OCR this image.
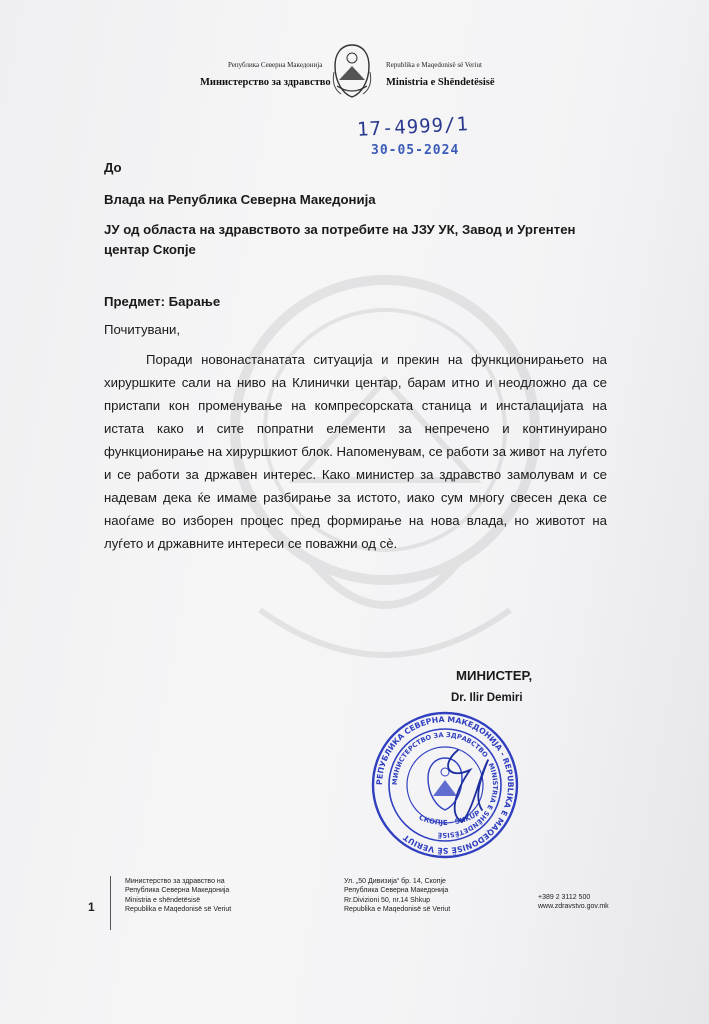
Република Северна Македонија
Министерство за здравство
Republika e Maqedonisë së Veriut
Ministria e Shëndetësisë
17-4999/1
30-05-2024
До
Влада на Република Северна Македонија
ЈУ од областа на здравството за потребите на ЈЗУ УК, Завод и Ургентен
центар Скопје
Предмет: Барање
Почитувани,

Поради новонастанатата ситуација и прекин на функционирањето на хируршките сали на ниво на Клинички центар, барам итно и неодложно да се пристапи кон променување на компресорската станица и инсталацијата на истата како и сите попратни елементи за непречено и континуирано функционирање на хируршкиот блок. Напоменувам, се работи за живот на луѓето и се работи за државен интерес. Како министер за здравство замолувам и се надевам дека ќе имаме разбирање за истото, иако сум многу свесен дека се наоѓаме во изборен процес пред формирање на нова влада, но животот на луѓето и државните интереси се поважни од сè.

МИНИСТЕР,
Dr. Ilir Demiri
РЕПУБЛИКА СЕВЕРНА МАКЕДОНИЈА - REPUBLIKA E MAQEDONISË SË VERIUT
МИНИСТЕРСТВО ЗА ЗДРАВСТВО - MINISTRIA E SHËNDETËSISË
СКОПЈЕ - SHKUP
1
Министерство за здравство на
Република Северна Македонија
Ministria e shëndetësisë
Republika e Maqedonisë së Veriut
Ул. „50 Дивизија“ бр. 14, Скопје
Република Северна Македонија
Rr.Divizioni 50, nr.14 Shkup
Republika e Maqedonisë së Veriut
+389 2 3112 500
www.zdravstvo.gov.mk
